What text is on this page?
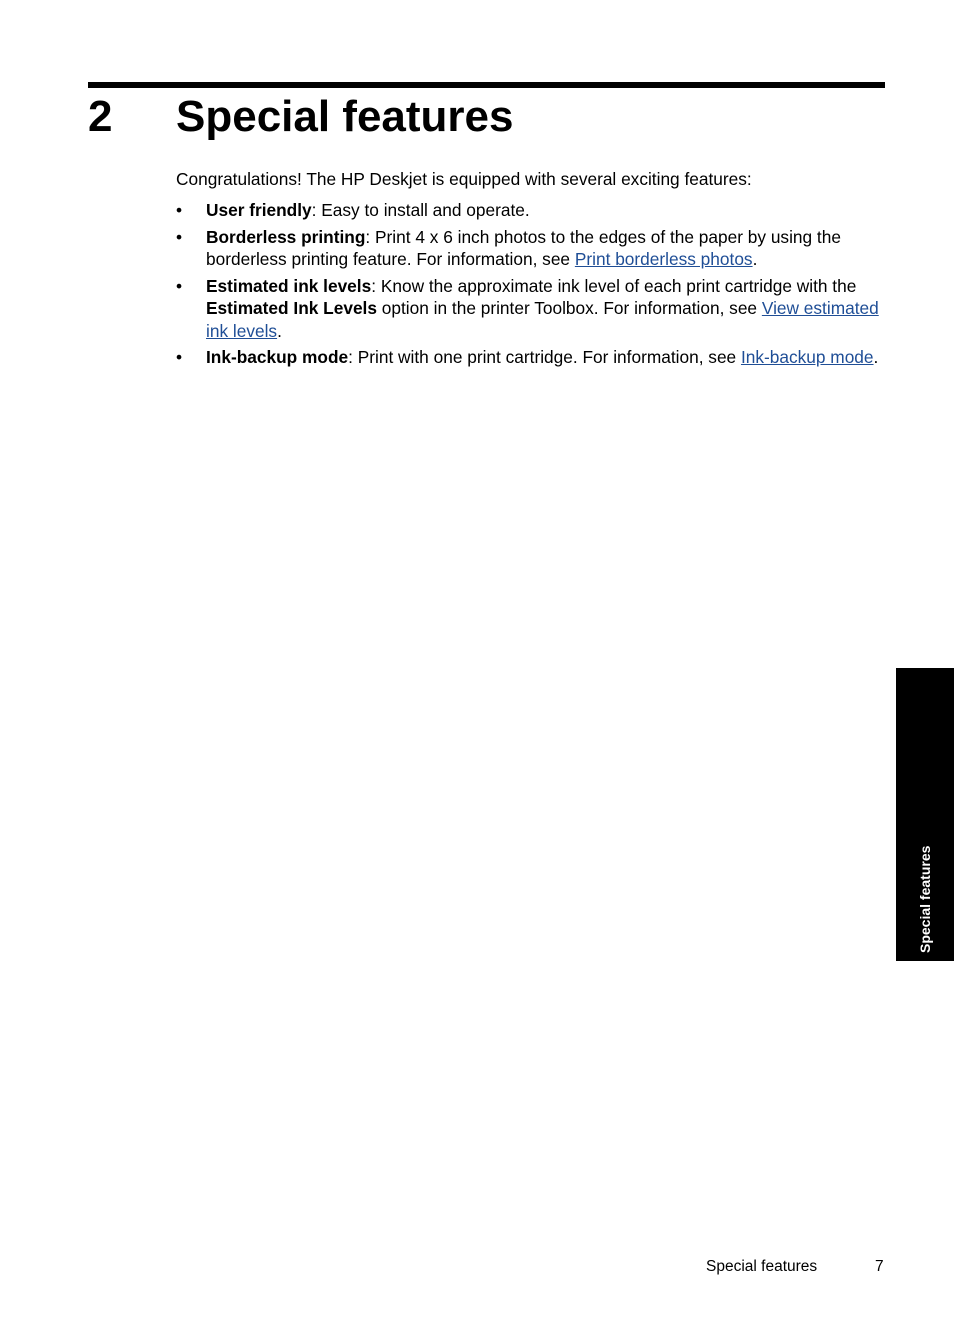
2 Special features

Congratulations! The HP Deskjet is equipped with several exciting features:

• User friendly: Easy to install and operate.
• Borderless printing: Print 4 x 6 inch photos to the edges of the paper by using the borderless printing feature. For information, see Print borderless photos.
• Estimated ink levels: Know the approximate ink level of each print cartridge with the Estimated Ink Levels option in the printer Toolbox. For information, see View estimated ink levels.
• Ink-backup mode: Print with one print cartridge. For information, see Ink-backup mode.
Special features
Special features	7
